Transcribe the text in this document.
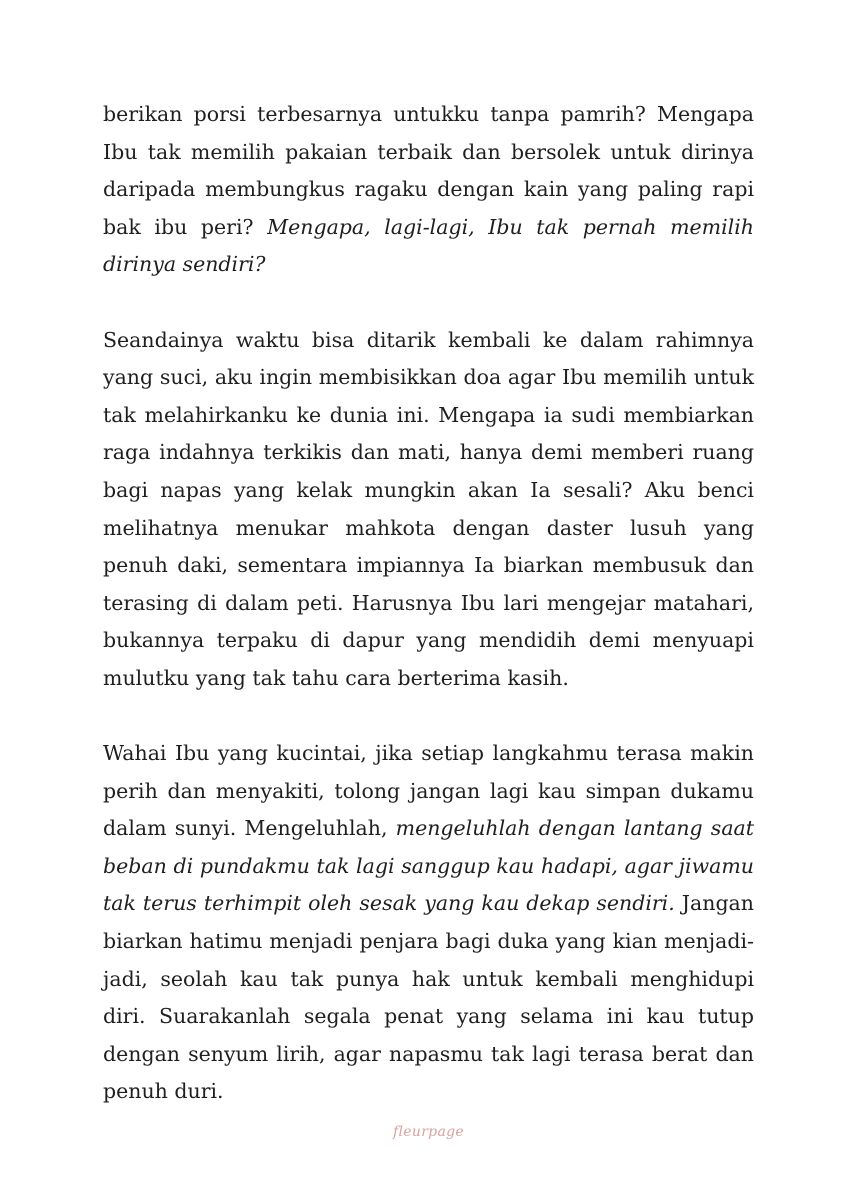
berikan porsi terbesarnya untukku tanpa pamrih? Mengapa Ibu tak memilih pakaian terbaik dan bersolek untuk dirinya daripada membungkus ragaku dengan kain yang paling rapi bak ibu peri? Mengapa, lagi-lagi, Ibu tak pernah memilih dirinya sendiri?

Seandainya waktu bisa ditarik kembali ke dalam rahimnya yang suci, aku ingin membisikkan doa agar Ibu memilih untuk tak melahirkanku ke dunia ini. Mengapa ia sudi membiarkan raga indahnya terkikis dan mati, hanya demi memberi ruang bagi napas yang kelak mungkin akan Ia sesali? Aku benci melihatnya menukar mahkota dengan daster lusuh yang penuh daki, sementara impiannya Ia biarkan membusuk dan terasing di dalam peti. Harusnya Ibu lari mengejar matahari, bukannya terpaku di dapur yang mendidih demi menyuapi mulutku yang tak tahu cara berterima kasih.

Wahai Ibu yang kucintai, jika setiap langkahmu terasa makin perih dan menyakiti, tolong jangan lagi kau simpan dukamu dalam sunyi. Mengeluhlah, mengeluhlah dengan lantang saat beban di pundakmu tak lagi sanggup kau hadapi, agar jiwamu tak terus terhimpit oleh sesak yang kau dekap sendiri. Jangan biarkan hatimu menjadi penjara bagi duka yang kian menjadi-jadi, seolah kau tak punya hak untuk kembali menghidupi diri. Suarakanlah segala penat yang selama ini kau tutup dengan senyum lirih, agar napasmu tak lagi terasa berat dan penuh duri.

fleurpage
